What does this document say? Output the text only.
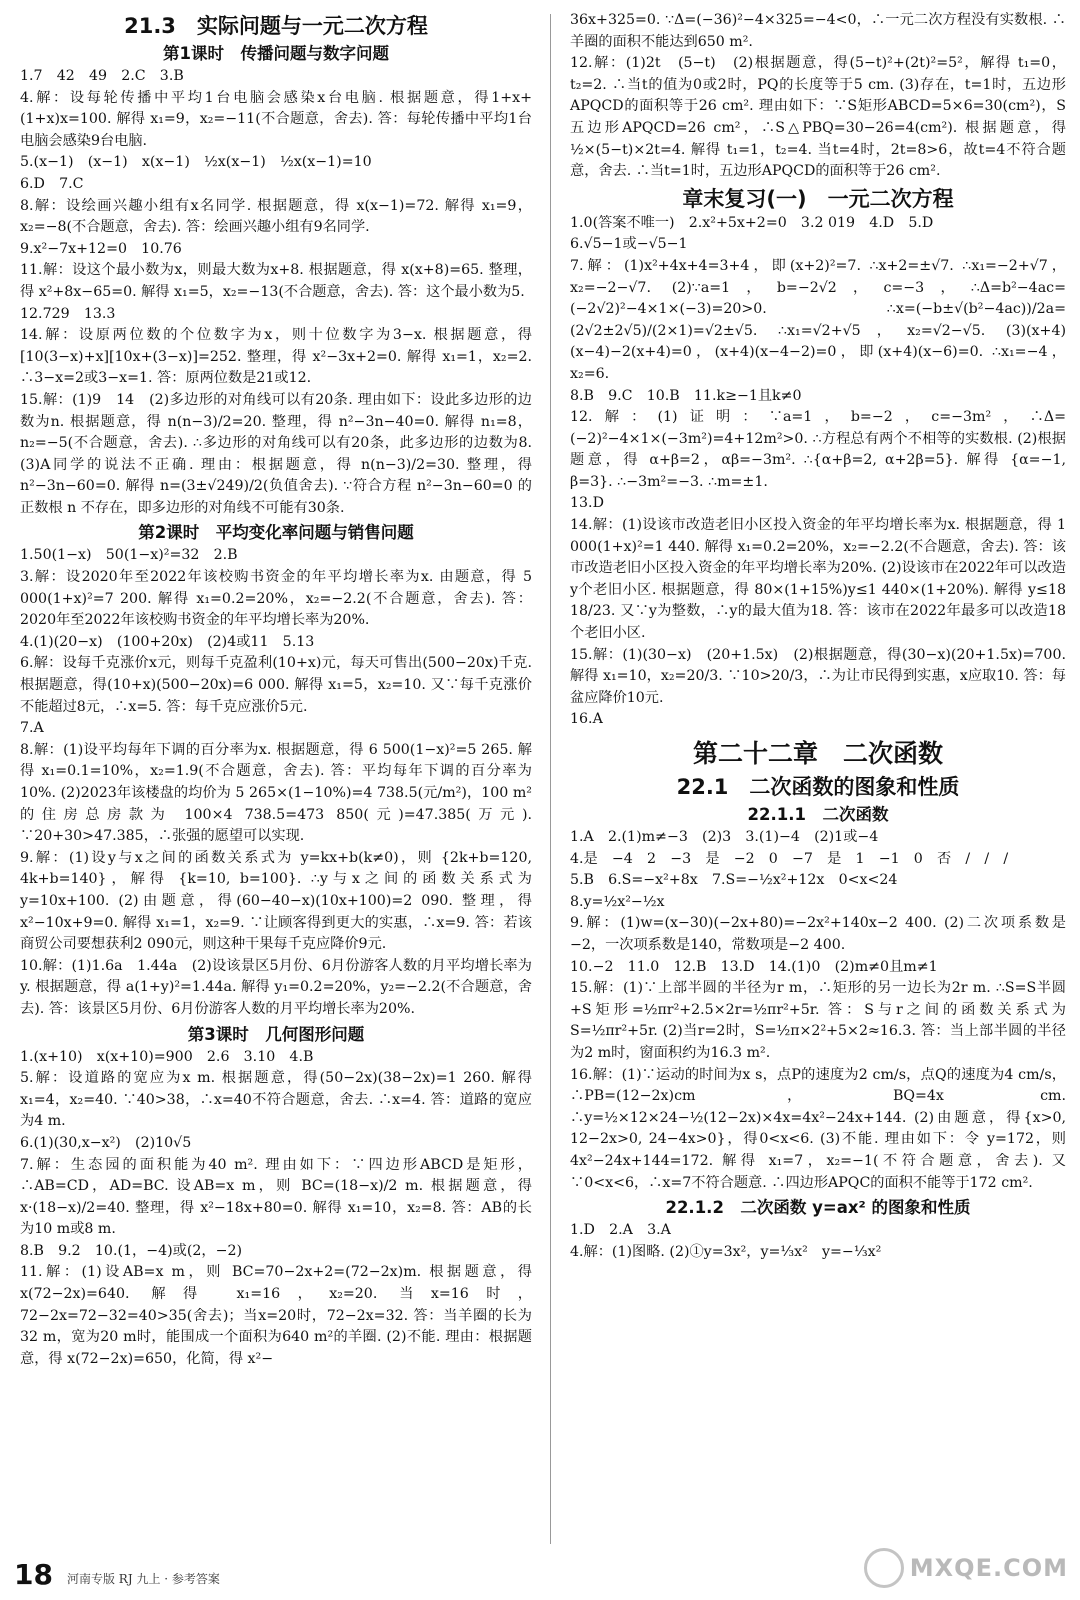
21.3　实际问题与一元二次方程
第1课时　传播问题与数字问题

1.7　42　49　2.C　3.B

4.解：设每轮传播中平均1台电脑会感染x台电脑. 根据题意，得1+x+(1+x)x=100. 解得 x₁=9，x₂=−11(不合题意，舍去). 答：每轮传播中平均1台电脑会感染9台电脑.

5.(x−1)　(x−1)　x(x−1)　½x(x−1)　½x(x−1)=10

6.D　7.C

8.解：设绘画兴趣小组有x名同学. 根据题意，得 x(x−1)=72. 解得 x₁=9，x₂=−8(不合题意，舍去). 答：绘画兴趣小组有9名同学.

9.x²−7x+12=0　10.76

11.解：设这个最小数为x，则最大数为x+8. 根据题意，得 x(x+8)=65. 整理，得 x²+8x−65=0. 解得 x₁=5，x₂=−13(不合题意，舍去). 答：这个最小数为5.

12.729　13.3

14.解：设原两位数的个位数字为x，则十位数字为3−x. 根据题意，得[10(3−x)+x][10x+(3−x)]=252. 整理，得 x²−3x+2=0. 解得 x₁=1，x₂=2. ∴3−x=2或3−x=1. 答：原两位数是21或12.

15.解：(1)9　14　(2)多边形的对角线可以有20条. 理由如下：设此多边形的边数为n. 根据题意，得 n(n−3)/2=20. 整理，得 n²−3n−40=0. 解得 n₁=8，n₂=−5(不合题意，舍去). ∴多边形的对角线可以有20条，此多边形的边数为8. (3)A同学的说法不正确. 理由：根据题意，得 n(n−3)/2=30. 整理，得 n²−3n−60=0. 解得 n=(3±√249)/2(负值舍去). ∵符合方程 n²−3n−60=0 的正数根 n 不存在，即多边形的对角线不可能有30条.

第2课时　平均变化率问题与销售问题

1.50(1−x)　50(1−x)²=32　2.B

3.解：设2020年至2022年该校购书资金的年平均增长率为x. 由题意，得 5 000(1+x)²=7 200. 解得 x₁=0.2=20%，x₂=−2.2(不合题意，舍去). 答：2020年至2022年该校购书资金的年平均增长率为20%.

4.(1)(20−x)　(100+20x)　(2)4或11　5.13

6.解：设每千克涨价x元，则每千克盈利(10+x)元，每天可售出(500−20x)千克. 根据题意，得(10+x)(500−20x)=6 000. 解得 x₁=5，x₂=10. 又∵每千克涨价不能超过8元，∴x=5. 答：每千克应涨价5元.

7.A

8.解：(1)设平均每年下调的百分率为x. 根据题意，得 6 500(1−x)²=5 265. 解得 x₁=0.1=10%，x₂=1.9(不合题意，舍去). 答：平均每年下调的百分率为10%. (2)2023年该楼盘的均价为 5 265×(1−10%)=4 738.5(元/m²)，100 m²的住房总房款为 100×4 738.5=473 850(元)=47.385(万元). ∵20+30>47.385，∴张强的愿望可以实现.

9.解：(1)设y与x之间的函数关系式为 y=kx+b(k≠0)，则 {2k+b=120, 4k+b=140}，解得 {k=10, b=100}. ∴y与x之间的函数关系式为 y=10x+100. (2)由题意，得(60−40−x)(10x+100)=2 090. 整理，得 x²−10x+9=0. 解得 x₁=1，x₂=9. ∵让顾客得到更大的实惠，∴x=9. 答：若该商贸公司要想获利2 090元，则这种干果每千克应降价9元.

10.解：(1)1.6a　1.44a　(2)设该景区5月份、6月份游客人数的月平均增长率为y. 根据题意，得 a(1+y)²=1.44a. 解得 y₁=0.2=20%，y₂=−2.2(不合题意，舍去). 答：该景区5月份、6月份游客人数的月平均增长率为20%.

第3课时　几何图形问题

1.(x+10)　x(x+10)=900　2.6　3.10　4.B

5.解：设道路的宽应为x m. 根据题意，得(50−2x)(38−2x)=1 260. 解得 x₁=4，x₂=40. ∵40>38，∴x=40不符合题意，舍去. ∴x=4. 答：道路的宽应为4 m.

6.(1)(30,x−x²)　(2)10√5

7.解：生态园的面积能为40 m². 理由如下：∵四边形ABCD是矩形，∴AB=CD，AD=BC. 设AB=x m，则 BC=(18−x)/2 m. 根据题意，得 x·(18−x)/2=40. 整理，得 x²−18x+80=0. 解得 x₁=10，x₂=8. 答：AB的长为10 m或8 m.

8.B　9.2　10.(1，−4)或(2，−2)

11.解：(1)设AB=x m，则 BC=70−2x+2=(72−2x)m. 根据题意，得 x(72−2x)=640. 解得 x₁=16，x₂=20. 当x=16时，72−2x=72−32=40>35(舍去)；当x=20时，72−2x=32. 答：当羊圈的长为32 m，宽为20 m时，能围成一个面积为640 m²的羊圈. (2)不能. 理由：根据题意，得 x(72−2x)=650，化简，得 x²−

36x+325=0. ∵Δ=(−36)²−4×325=−4<0，∴一元二次方程没有实数根. ∴羊圈的面积不能达到650 m².

12.解：(1)2t　(5−t)　(2)根据题意，得(5−t)²+(2t)²=5²，解得 t₁=0，t₂=2. ∴当t的值为0或2时，PQ的长度等于5 cm. (3)存在，t=1时，五边形APQCD的面积等于26 cm². 理由如下：∵S矩形ABCD=5×6=30(cm²)，S五边形APQCD=26 cm²，∴S△PBQ=30−26=4(cm²). 根据题意，得 ½×(5−t)×2t=4. 解得 t₁=1，t₂=4. 当t=4时，2t=8>6，故t=4不符合题意，舍去. ∴当t=1时，五边形APQCD的面积等于26 cm².

章末复习(一)　一元二次方程

1.0(答案不唯一)　2.x²+5x+2=0　3.2 019　4.D　5.D

6.√5−1或−√5−1

7.解：(1)x²+4x+4=3+4，即(x+2)²=7. ∴x+2=±√7. ∴x₁=−2+√7，x₂=−2−√7. (2)∵a=1，b=−2√2，c=−3，∴Δ=b²−4ac=(−2√2)²−4×1×(−3)=20>0. ∴x=(−b±√(b²−4ac))/2a=(2√2±2√5)/(2×1)=√2±√5. ∴x₁=√2+√5，x₂=√2−√5. (3)(x+4)(x−4)−2(x+4)=0，(x+4)(x−4−2)=0，即(x+4)(x−6)=0. ∴x₁=−4，x₂=6.

8.B　9.C　10.B　11.k≥−1且k≠0

12.解：(1)证明：∵a=1，b=−2，c=−3m²，∴Δ=(−2)²−4×1×(−3m²)=4+12m²>0. ∴方程总有两个不相等的实数根. (2)根据题意，得 α+β=2，αβ=−3m². ∴{α+β=2, α+2β=5}. 解得 {α=−1, β=3}. ∴−3m²=−3. ∴m=±1.

13.D

14.解：(1)设该市改造老旧小区投入资金的年平均增长率为x. 根据题意，得 1 000(1+x)²=1 440. 解得 x₁=0.2=20%，x₂=−2.2(不合题意，舍去). 答：该市改造老旧小区投入资金的年平均增长率为20%. (2)设该市在2022年可以改造y个老旧小区. 根据题意，得 80×(1+15%)y≤1 440×(1+20%). 解得 y≤18 18/23. 又∵y为整数，∴y的最大值为18. 答：该市在2022年最多可以改造18个老旧小区.

15.解：(1)(30−x)　(20+1.5x)　(2)根据题意，得(30−x)(20+1.5x)=700. 解得 x₁=10，x₂=20/3. ∵10>20/3，∴为让市民得到实惠，x应取10. 答：每盆应降价10元.

16.A

第二十二章　二次函数
22.1　二次函数的图象和性质
22.1.1　二次函数

1.A　2.(1)m≠−3　(2)3　3.(1)−4　(2)1或−4

4.是　−4　2　−3　是　−2　0　−7　是　1　−1　0　否　/　/　/

5.B　6.S=−x²+8x　7.S=−½x²+12x　0<x<24

8.y=½x²−½x

9.解：(1)w=(x−30)(−2x+80)=−2x²+140x−2 400. (2)二次项系数是−2，一次项系数是140，常数项是−2 400.

10.−2　11.0　12.B　13.D　14.(1)0　(2)m≠0且m≠1

15.解：(1)∵上部半圆的半径为r m，∴矩形的另一边长为2r m. ∴S=S半圆+S矩形=½πr²+2.5×2r=½πr²+5r. 答：S与r之间的函数关系式为 S=½πr²+5r. (2)当r=2时，S=½π×2²+5×2≈16.3. 答：当上部半圆的半径为2 m时，窗面积约为16.3 m².

16.解：(1)∵运动的时间为x s，点P的速度为2 cm/s，点Q的速度为4 cm/s，∴PB=(12−2x)cm，BQ=4x cm. ∴y=½×12×24−½(12−2x)×4x=4x²−24x+144. (2)由题意，得{x>0, 12−2x>0, 24−4x>0}，得0<x<6. (3)不能. 理由如下：令 y=172，则 4x²−24x+144=172. 解得 x₁=7，x₂=−1(不符合题意，舍去). 又∵0<x<6，∴x=7不符合题意. ∴四边形APQC的面积不能等于172 cm².

22.1.2　二次函数 y=ax² 的图象和性质

1.D　2.A　3.A

4.解：(1)图略. (2)①y=3x²，y=⅓x²　y=−⅓x²

18 河南专版 RJ 九上 · 参考答案	MXQE.COM
